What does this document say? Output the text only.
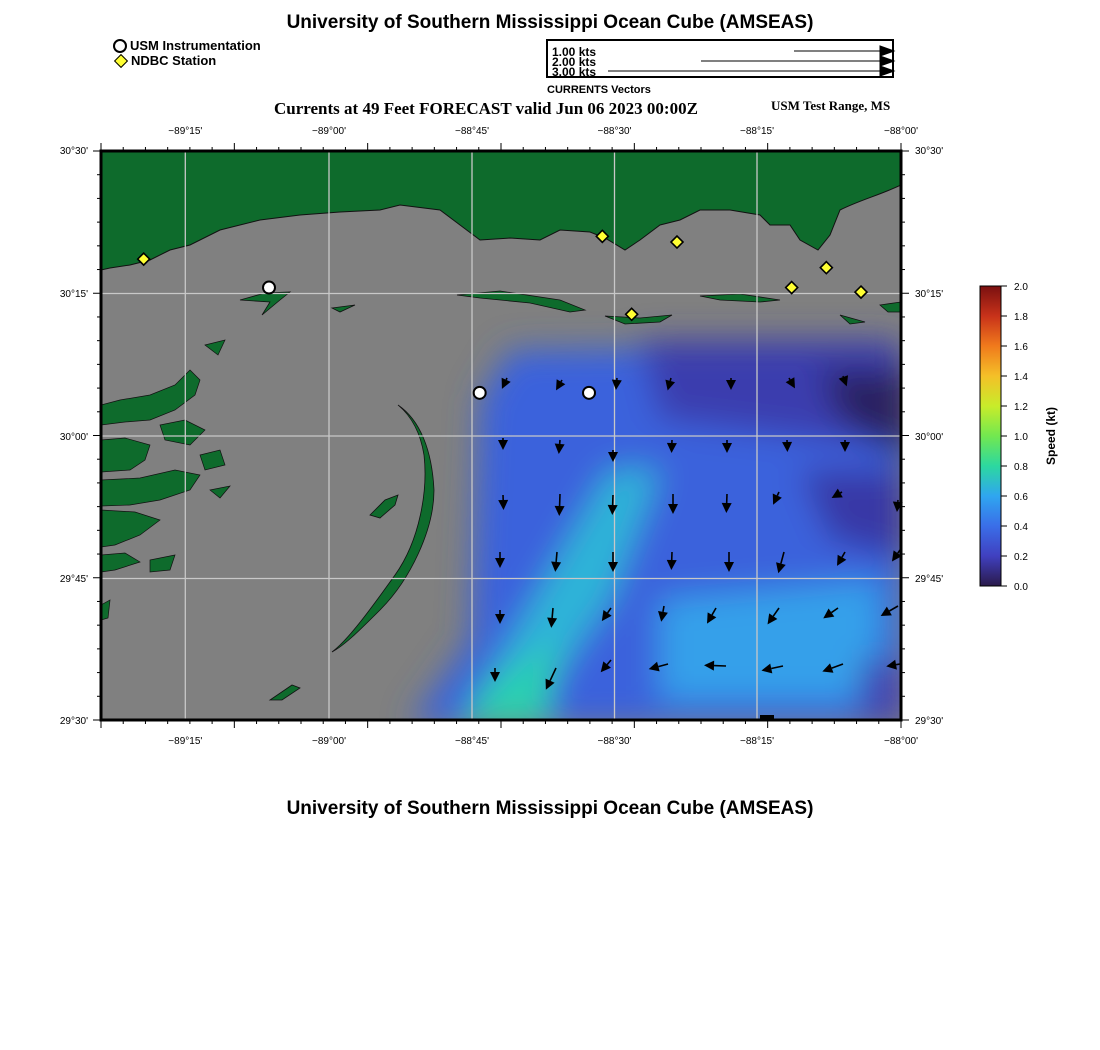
University of Southern Mississippi Ocean Cube (AMSEAS)
USM Instrumentation
NDBC Station
1.00 kts
2.00 kts
3.00 kts
CURRENTS Vectors
Currents at 49 Feet FORECAST valid Jun 06 2023 00:00Z	USM Test Range, MS
−89°15'	−89°00'	−88°45'	−88°30'	−88°15'	−88°00'
−89°15'	−89°00'	−88°45'	−88°30'	−88°15'	−88°00'
30°30'
30°15'
30°00'
29°45'
29°30'
30°30'
30°15'
30°00'
29°45'
29°30'
2.0
1.8
1.6
1.4
1.2
1.0
0.8
0.6
0.4
0.2
0.0
Speed (kt)
University of Southern Mississippi Ocean Cube (AMSEAS)
